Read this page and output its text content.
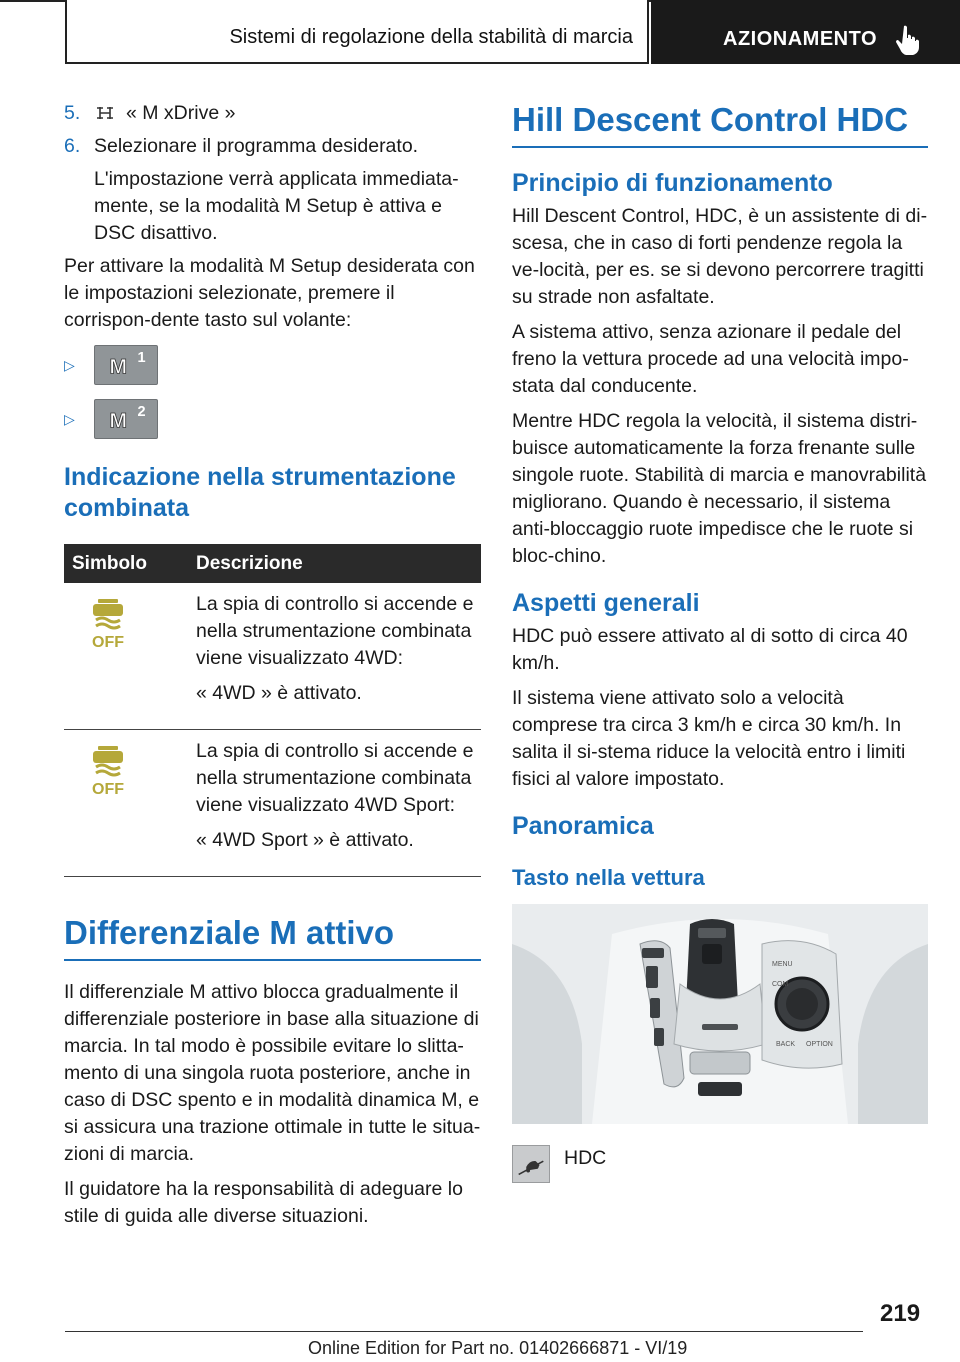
Sistemi di regolazione della stabilità di marcia	AZIONAMENTO
5.	« M xDrive »
6. Selezionare il programma desiderato.
L'impostazione verrà applicata immediata-mente, se la modalità M Setup è attiva e DSC disattivo.

Per attivare la modalità M Setup desiderata con le impostazioni selezionate, premere il corrispon-dente tasto sul volante:

▷	M 1
▷	M 2
Indicazione nella strumentazione combinata
Simbolo	Descrizione

OFF	La spia di controllo si accende e nella strumentazione combinata viene visualizzato 4WD:

« 4WD » è attivato.

OFF	La spia di controllo si accende e nella strumentazione combinata viene visualizzato 4WD Sport:

« 4WD Sport » è attivato.

Differenziale M attivo

Il differenziale M attivo blocca gradualmente il differenziale posteriore in base alla situazione di marcia. In tal modo è possibile evitare lo slitta-mento di una singola ruota posteriore, anche in caso di DSC spento e in modalità dinamica M, e si assicura una trazione ottimale in tutte le situa-zioni di marcia.

Il guidatore ha la responsabilità di adeguare lo stile di guida alle diverse situazioni.

Hill Descent Control HDC
Principio di funzionamento

Hill Descent Control, HDC, è un assistente di di-scesa, che in caso di forti pendenze regola la ve-locità, per es. se si devono percorrere tragitti su strade non asfaltate.

A sistema attivo, senza azionare il pedale del freno la vettura procede ad una velocità impo-stata dal conducente.

Mentre HDC regola la velocità, il sistema distri-buisce automaticamente la forza frenante sulle singole ruote. Stabilità di marcia e manovrabilità migliorano. Quando è necessario, il sistema anti-bloccaggio ruote impedisce che le ruote si bloc-chino.

Aspetti generali

HDC può essere attivato al di sotto di circa 40 km/h.

Il sistema viene attivato solo a velocità comprese tra circa 3 km/h e circa 30 km/h. In salita il si-stema riduce la velocità entro i limiti fisici al valore impostato.

Panoramica
Tasto nella vettura
MENU
COM
BACK OPTION

HDC

219
Online Edition for Part no. 01402666871 - VI/19
